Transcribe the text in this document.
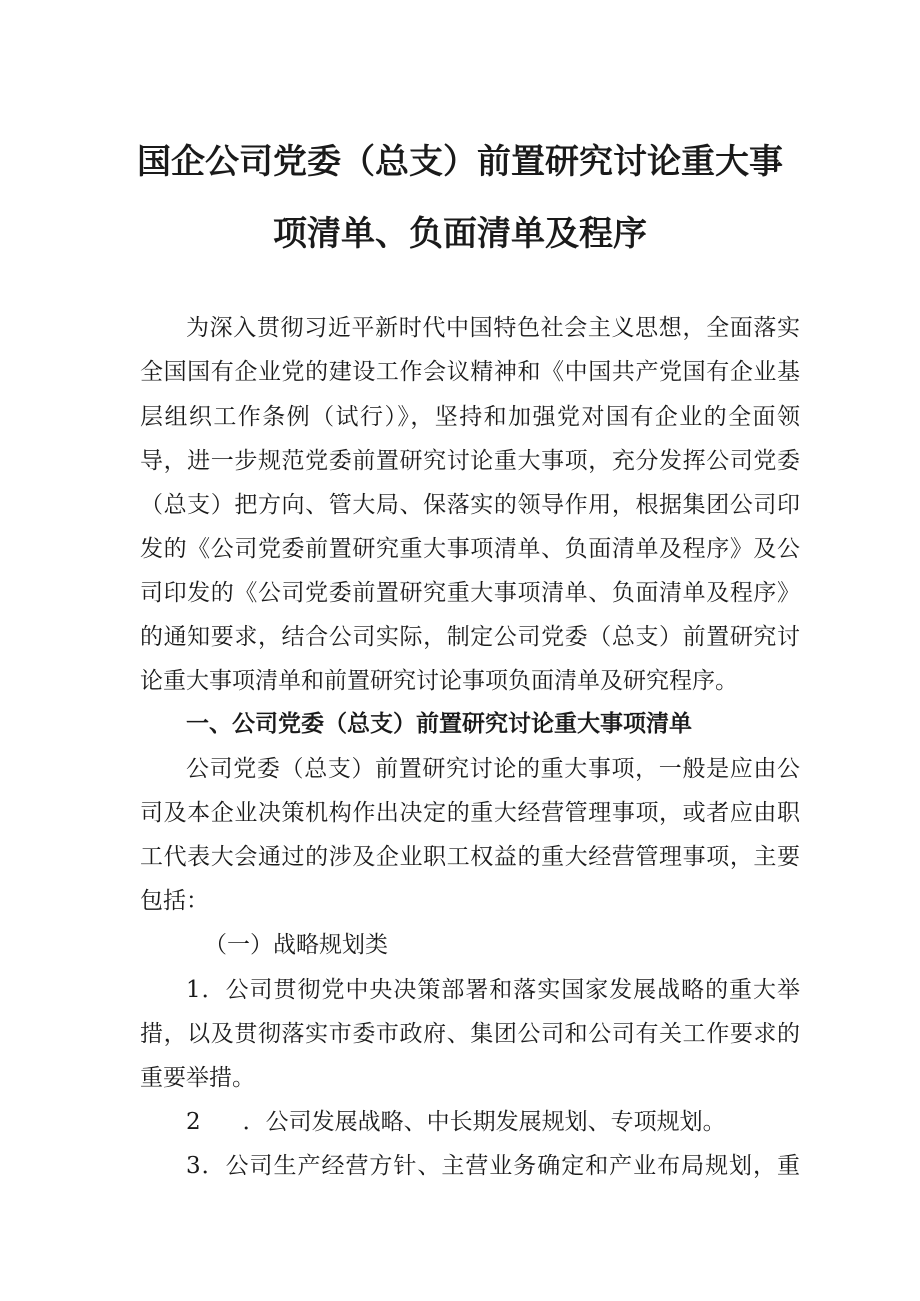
国企公司党委（总支）前置研究讨论重大事
项清单、负面清单及程序
为深入贯彻习近平新时代中国特色社会主义思想，全面落实
全国国有企业党的建设工作会议精神和《中国共产党国有企业基
层组织工作条例（试行）》，坚持和加强党对国有企业的全面领
导，进一步规范党委前置研究讨论重大事项，充分发挥公司党委
（总支）把方向、管大局、保落实的领导作用，根据集团公司印
发的《公司党委前置研究重大事项清单、负面清单及程序》及公
司印发的《公司党委前置研究重大事项清单、负面清单及程序》
的通知要求，结合公司实际，制定公司党委（总支）前置研究讨
论重大事项清单和前置研究讨论事项负面清单及研究程序。
一、公司党委（总支）前置研究讨论重大事项清单
公司党委（总支）前置研究讨论的重大事项，一般是应由公
司及本企业决策机构作出决定的重大经营管理事项，或者应由职
工代表大会通过的涉及企业职工权益的重大经营管理事项，主要
包括：
（一）战略规划类
1．公司贯彻党中央决策部署和落实国家发展战略的重大举
措，以及贯彻落实市委市政府、集团公司和公司有关工作要求的
重要举措。
2 ．公司发展战略、中长期发展规划、专项规划。
3．公司生产经营方针、主营业务确定和产业布局规划，重
